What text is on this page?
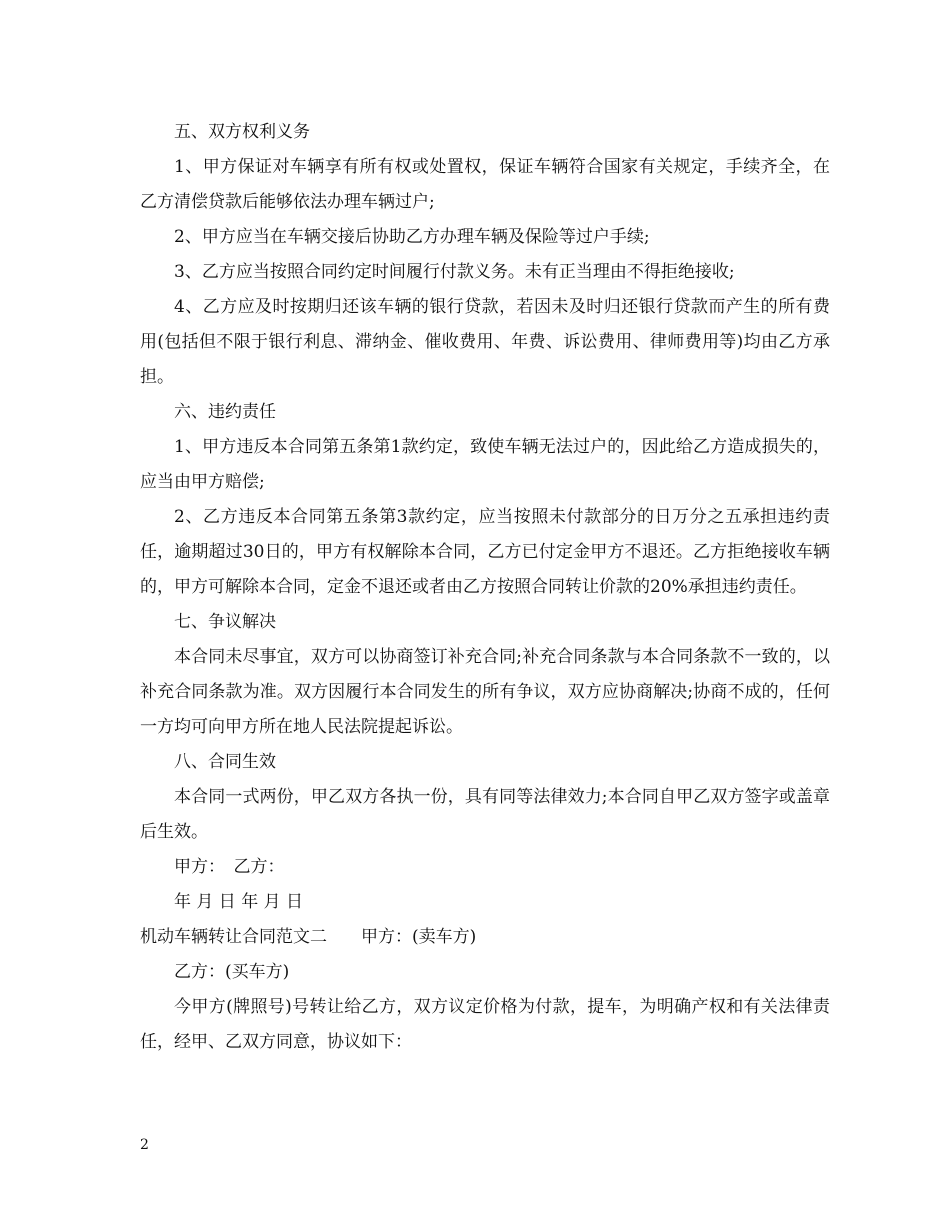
五、双方权利义务

1、甲方保证对车辆享有所有权或处置权，保证车辆符合国家有关规定，手续齐全，在乙方清偿贷款后能够依法办理车辆过户;

2、甲方应当在车辆交接后协助乙方办理车辆及保险等过户手续;

3、乙方应当按照合同约定时间履行付款义务。未有正当理由不得拒绝接收;

4、乙方应及时按期归还该车辆的银行贷款，若因未及时归还银行贷款而产生的所有费用(包括但不限于银行利息、滞纳金、催收费用、年费、诉讼费用、律师费用等)均由乙方承担。

六、违约责任

1、甲方违反本合同第五条第1款约定，致使车辆无法过户的，因此给乙方造成损失的，应当由甲方赔偿;

2、乙方违反本合同第五条第3款约定，应当按照未付款部分的日万分之五承担违约责任，逾期超过30日的，甲方有权解除本合同，乙方已付定金甲方不退还。乙方拒绝接收车辆的，甲方可解除本合同，定金不退还或者由乙方按照合同转让价款的20%承担违约责任。

七、争议解决

本合同未尽事宜，双方可以协商签订补充合同;补充合同条款与本合同条款不一致的，以补充合同条款为准。双方因履行本合同发生的所有争议，双方应协商解决;协商不成的，任何一方均可向甲方所在地人民法院提起诉讼。

八、合同生效

本合同一式两份，甲乙双方各执一份，具有同等法律效力;本合同自甲乙双方签字或盖章后生效。

甲方：　乙方：

年 月 日 年 月 日

机动车辆转让合同范文二　　甲方：(卖车方)

乙方：(买车方)

今甲方(牌照号)号转让给乙方，双方议定价格为付款，提车，为明确产权和有关法律责任，经甲、乙双方同意，协议如下：

2
